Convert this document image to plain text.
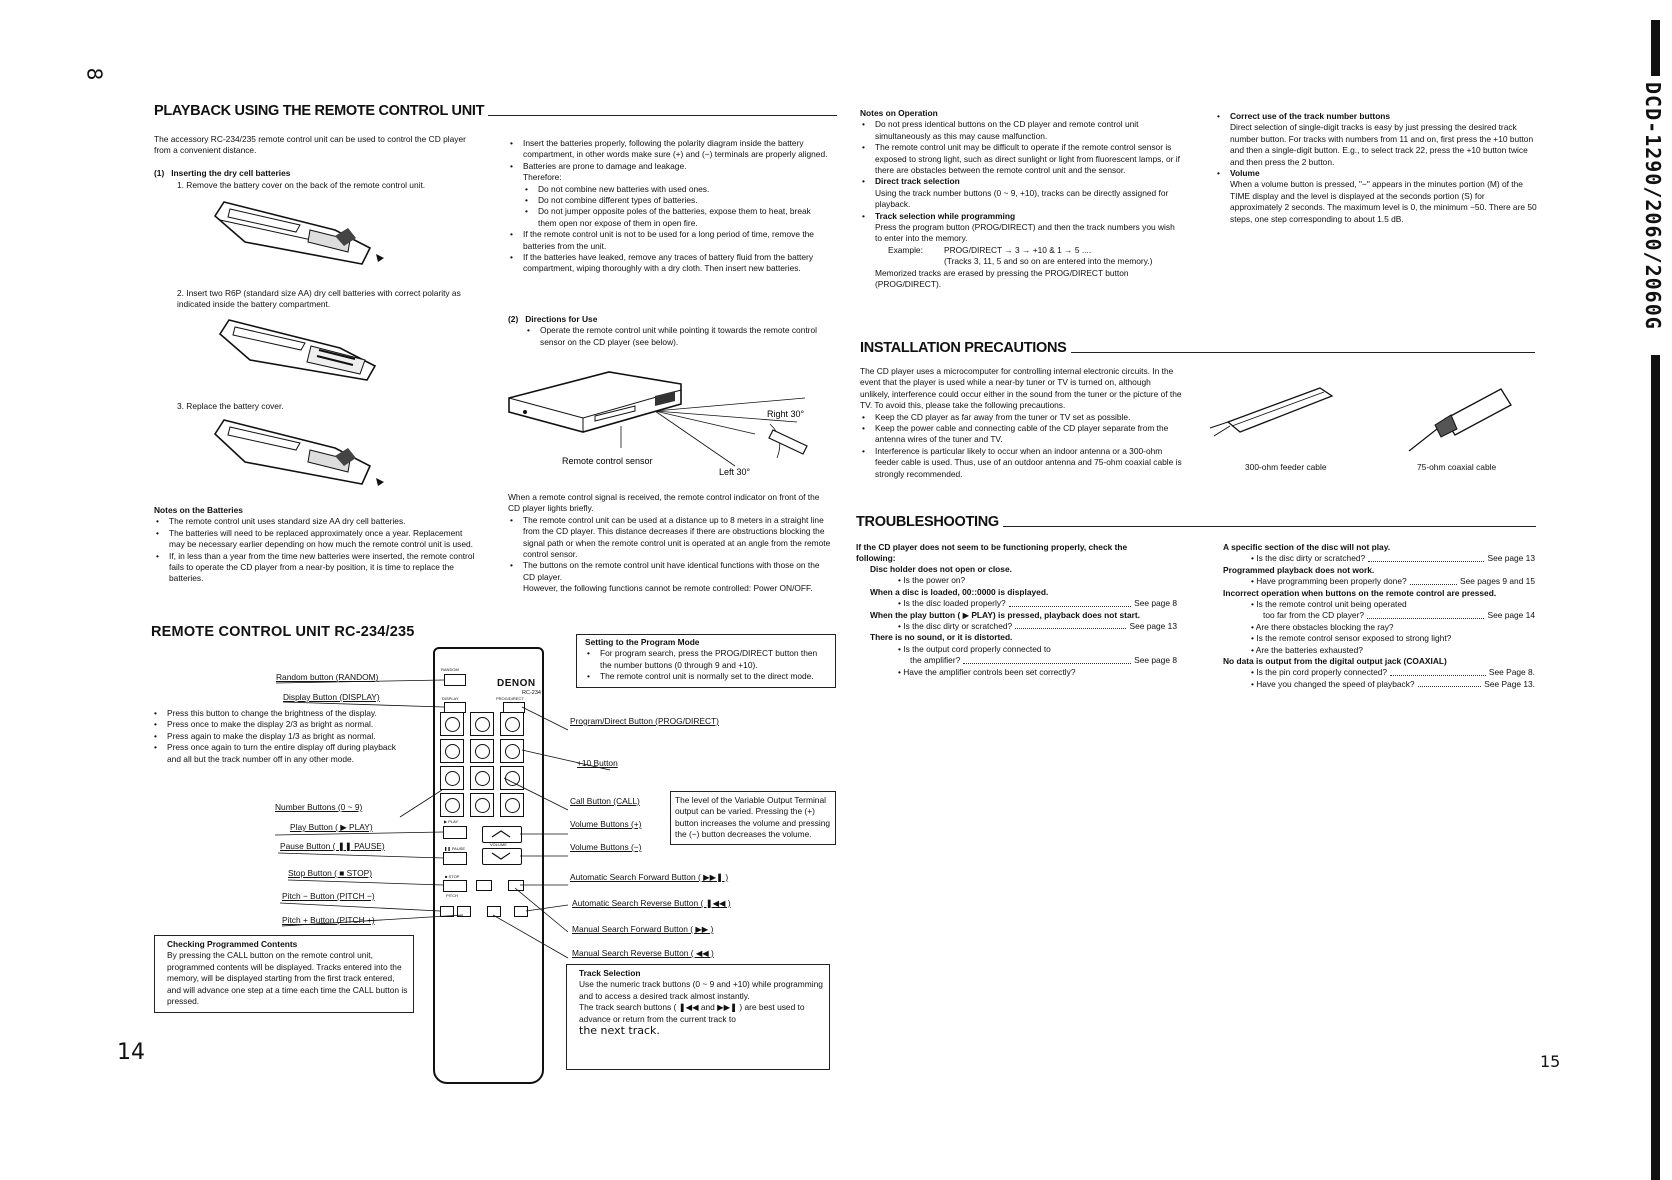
8
14	15
DCD-1290/2060/2060G
PLAYBACK USING THE REMOTE CONTROL UNIT
The accessory RC-234/235 remote control unit can be used to control the CD player from a convenient distance.
(1) Inserting the dry cell batteries
1. Remove the battery cover on the back of the remote control unit.
2. Insert two R6P (standard size AA) dry cell batteries with correct polarity as indicated inside the battery compartment.
3. Replace the battery cover.
Notes on the Batteries
• The remote control unit uses standard size AA dry cell batteries.
• The batteries will need to be replaced approximately once a year. Replacement may be necessary earlier depending on how much the remote control unit is used.
• If, in less than a year from the time new batteries were inserted, the remote control fails to operate the CD player from a near-by position, it is time to replace the batteries.
• Insert the batteries properly, following the polarity diagram inside the battery compartment, in other words make sure (+) and (−) terminals are properly aligned.
• Batteries are prone to damage and leakage.
Therefore:
• Do not combine new batteries with used ones.
• Do not combine different types of batteries.
• Do not jumper opposite poles of the batteries, expose them to heat, break them open nor expose of them in open fire.
• If the remote control unit is not to be used for a long period of time, remove the batteries from the unit.
• If the batteries have leaked, remove any traces of battery fluid from the battery compartment, wiping thoroughly with a dry cloth. Then insert new batteries.
(2) Directions for Use
• Operate the remote control unit while pointing it towards the remote control sensor on the CD player (see below).
Right 30°
Remote control sensor
Left 30°
When a remote control signal is received, the remote control indicator on front of the CD player lights briefly.
• The remote control unit can be used at a distance up to 8 meters in a straight line from the CD player. This distance decreases if there are obstructions blocking the signal path or when the remote control unit is operated at an angle from the remote control sensor.
• The buttons on the remote control unit have identical functions with those on the CD player.
However, the following functions cannot be remote controlled: Power ON/OFF.
REMOTE CONTROL UNIT RC-234/235
DENON
RC-234
RANDOM
DISPLAY	PROG/DIRECT
▶ PLAY
❚❚ PAUSE
VOLUME
■ STOP
PITCH
Random button (RANDOM)
Display Button (DISPLAY)
• Press this button to change the brightness of the display.
• Press once to make the display 2/3 as bright as normal.
• Press again to make the display 1/3 as bright as normal.
• Press once again to turn the entire display off during playback and all but the track number off in any other mode.
Number Buttons (0 ~ 9)
Play Button ( ▶ PLAY)
Pause Button ( ❚❚ PAUSE)
Stop Button ( ■ STOP)
Pitch − Button (PITCH −)
Pitch + Button (PITCH +)
Program/Direct Button (PROG/DIRECT)
+10 Button
Call Button (CALL)
Volume Buttons (+)
Volume Buttons (−)
Automatic Search Forward Button ( ▶▶❚ )
Automatic Search Reverse Button ( ❚◀◀ )
Manual Search Forward Button ( ▶▶ )
Manual Search Reverse Button ( ◀◀ )
Setting to the Program Mode
• For program search, press the PROG/DIRECT button then the number buttons (0 through 9 and +10).
• The remote control unit is normally set to the direct mode.
The level of the Variable Output Terminal output can be varied. Pressing the (+) button increases the volume and pressing the (−) button decreases the volume.
Checking Programmed Contents
By pressing the CALL button on the remote control unit, programmed contents will be displayed. Tracks entered into the memory, will be displayed starting from the first track entered, and will advance one step at a time each time the CALL button is pressed.
Track Selection
Use the numeric track buttons (0 ~ 9 and +10) while programming and to access a desired track almost instantly.
The track search buttons ( ❚◀◀ and ▶▶❚ ) are best used to advance or return from the current track to
the next track.
Notes on Operation
• Do not press identical buttons on the CD player and remote control unit simultaneously as this may cause malfunction.
• The remote control unit may be difficult to operate if the remote control sensor is exposed to strong light, such as direct sunlight or light from fluorescent lamps, or if there are obstacles between the remote control unit and the sensor.
• Direct track selection
Using the track number buttons (0 ~ 9, +10), tracks can be directly assigned for playback.
• Track selection while programming
Press the program button (PROG/DIRECT) and then the track numbers you wish to enter into the memory.
Example:	PROG/DIRECT → 3 → +10 & 1 → 5 ....
(Tracks 3, 11, 5 and so on are entered into the memory.)
Memorized tracks are erased by pressing the PROG/DIRECT button (PROG/DIRECT).
• Correct use of the track number buttons
Direct selection of single-digit tracks is easy by just pressing the desired track number button. For tracks with numbers from 11 and on, first press the +10 button and then a single-digit button. E.g., to select track 22, press the +10 button twice and then press the 2 button.
• Volume
When a volume button is pressed, "−" appears in the minutes portion (M) of the TIME display and the level is displayed at the seconds portion (S) for approximately 2 seconds. The maximum level is 0, the minimum −50. There are 50 steps, one step corresponding to about 1.5 dB.
INSTALLATION PRECAUTIONS
The CD player uses a microcomputer for controlling internal electronic circuits. In the event that the player is used while a near-by tuner or TV is turned on, although unlikely, interference could occur either in the sound from the tuner or the picture of the TV. To avoid this, please take the following precautions.
• Keep the CD player as far away from the tuner or TV set as possible.
• Keep the power cable and connecting cable of the CD player separate from the antenna wires of the tuner and TV.
• Interference is particular likely to occur when an indoor antenna or a 300-ohm feeder cable is used. Thus, use of an outdoor antenna and 75-ohm coaxial cable is strongly recommended.
300-ohm feeder cable	75-ohm coaxial cable
TROUBLESHOOTING
If the CD player does not seem to be functioning properly, check the following:
Disc holder does not open or close.
• Is the power on?
When a disc is loaded, 00::0000 is displayed.
• Is the disc loaded properly?	See page 8
When the play button ( ▶ PLAY) is pressed, playback does not start.
• Is the disc dirty or scratched?	See page 13
There is no sound, or it is distorted.
• Is the output cord properly connected to
the amplifier?	See page 8
• Have the amplifier controls been set correctly?
A specific section of the disc will not play.
• Is the disc dirty or scratched?	See page 13
Programmed playback does not work.
• Have programming been properly done?	See pages 9 and 15
Incorrect operation when buttons on the remote control are pressed.
• Is the remote control unit being operated
too far from the CD player?	See page 14
• Are there obstacles blocking the ray?
• Is the remote control sensor exposed to strong light?
• Are the batteries exhausted?
No data is output from the digital output jack (COAXIAL)
• Is the pin cord properly connected?	See Page 8.
• Have you changed the speed of playback?	See Page 13.
